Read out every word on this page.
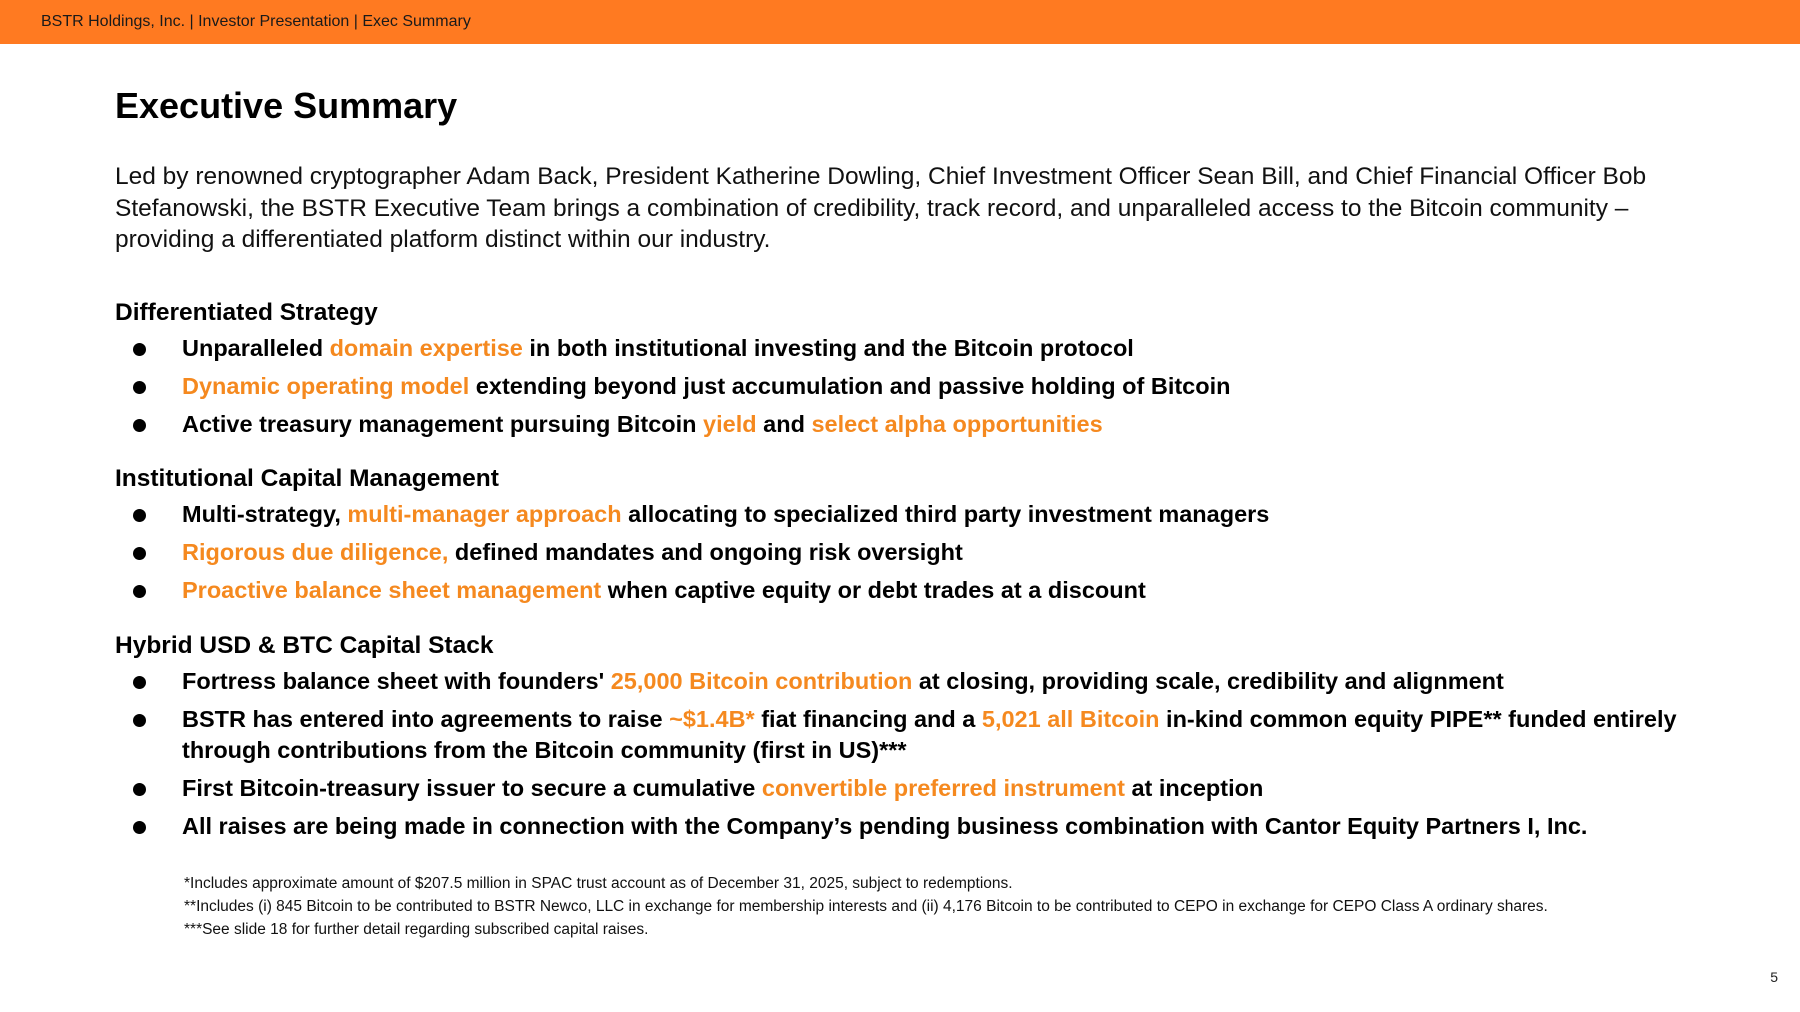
BSTR Holdings, Inc. | Investor Presentation | Exec Summary
Executive Summary

Led by renowned cryptographer Adam Back, President Katherine Dowling, Chief Investment Officer Sean Bill, and Chief Financial Officer Bob Stefanowski, the BSTR Executive Team brings a combination of credibility, track record, and unparalleled access to the Bitcoin community – providing a differentiated platform distinct within our industry.

Differentiated Strategy
Unparalleled domain expertise in both institutional investing and the Bitcoin protocol
Dynamic operating model extending beyond just accumulation and passive holding of Bitcoin
Active treasury management pursuing Bitcoin yield and select alpha opportunities
Institutional Capital Management
Multi-strategy, multi-manager approach allocating to specialized third party investment managers
Rigorous due diligence, defined mandates and ongoing risk oversight
Proactive balance sheet management when captive equity or debt trades at a discount
Hybrid USD & BTC Capital Stack
Fortress balance sheet with founders' 25,000 Bitcoin contribution at closing, providing scale, credibility and alignment
BSTR has entered into agreements to raise ~$1.4B* fiat financing and a 5,021 all Bitcoin in-kind common equity PIPE** funded entirely through contributions from the Bitcoin community (first in US)***
First Bitcoin-treasury issuer to secure a cumulative convertible preferred instrument at inception
All raises are being made in connection with the Company’s pending business combination with Cantor Equity Partners I, Inc.

*Includes approximate amount of $207.5 million in SPAC trust account as of December 31, 2025, subject to redemptions.

**Includes (i) 845 Bitcoin to be contributed to BSTR Newco, LLC in exchange for membership interests and (ii) 4,176 Bitcoin to be contributed to CEPO in exchange for CEPO Class A ordinary shares.

***See slide 18 for further detail regarding subscribed capital raises.

5
